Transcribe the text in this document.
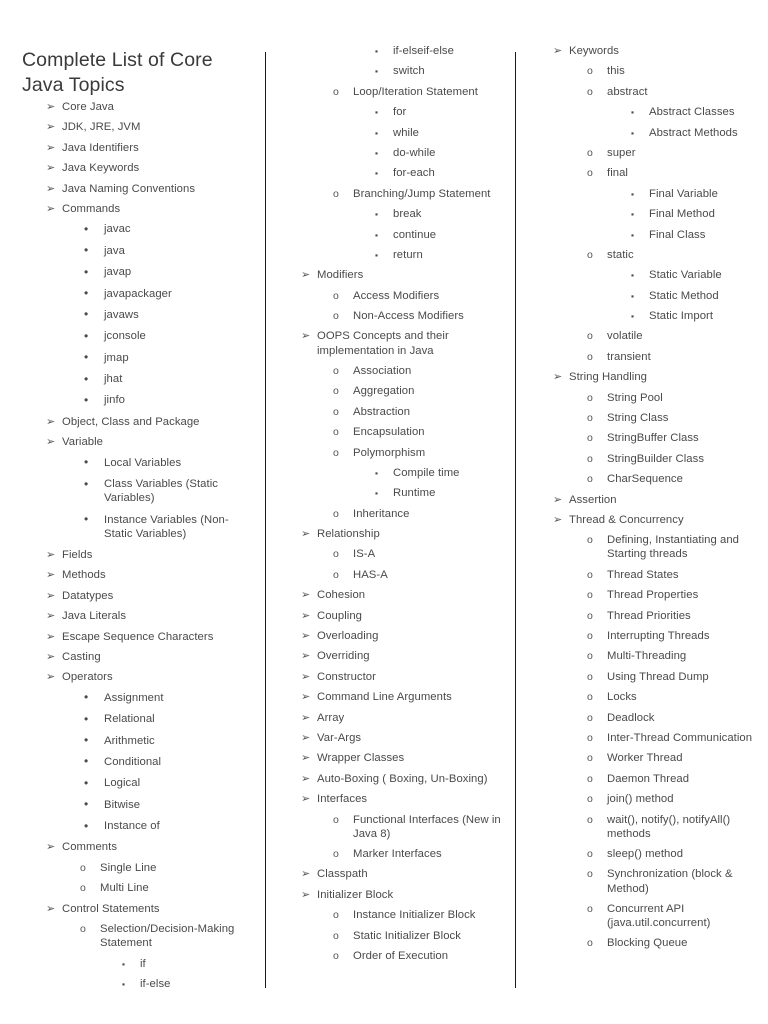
Complete List of Core Java Topics
➢ Core Java
➢ JDK, JRE, JVM
➢ Java Identifiers
➢ Java Keywords
➢ Java Naming Conventions
➢ Commands
• javac
• java
• javap
• javapackager
• javaws
• jconsole
• jmap
• jhat
• jinfo
➢ Object, Class and Package
➢ Variable
• Local Variables
• Class Variables (Static Variables)
• Instance Variables (Non-Static Variables)
➢ Fields
➢ Methods
➢ Datatypes
➢ Java Literals
➢ Escape Sequence Characters
➢ Casting
➢ Operators
• Assignment
• Relational
• Arithmetic
• Conditional
• Logical
• Bitwise
• Instance of
➢ Comments
o Single Line
o Multi Line
➢ Control Statements
o Selection/Decision-Making Statement
▪ if
▪ if-else
▪ if-elseif-else
▪ switch
o Loop/Iteration Statement
▪ for
▪ while
▪ do-while
▪ for-each
o Branching/Jump Statement
▪ break
▪ continue
▪ return
➢ Modifiers
o Access Modifiers
o Non-Access Modifiers
➢ OOPS Concepts and their implementation in Java
o Association
o Aggregation
o Abstraction
o Encapsulation
o Polymorphism
▪ Compile time
▪ Runtime
o Inheritance
➢ Relationship
o IS-A
o HAS-A
➢ Cohesion
➢ Coupling
➢ Overloading
➢ Overriding
➢ Constructor
➢ Command Line Arguments
➢ Array
➢ Var-Args
➢ Wrapper Classes
➢ Auto-Boxing ( Boxing, Un-Boxing)
➢ Interfaces
o Functional Interfaces (New in Java 8)
o Marker Interfaces
➢ Classpath
➢ Initializer Block
o Instance Initializer Block
o Static Initializer Block
o Order of Execution
➢ Keywords
o this
o abstract
▪ Abstract Classes
▪ Abstract Methods
o super
o final
▪ Final Variable
▪ Final Method
▪ Final Class
o static
▪ Static Variable
▪ Static Method
▪ Static Import
o volatile
o transient
➢ String Handling
o String Pool
o String Class
o StringBuffer Class
o StringBuilder Class
o CharSequence
➢ Assertion
➢ Thread & Concurrency
o Defining, Instantiating and Starting threads
o Thread States
o Thread Properties
o Thread Priorities
o Interrupting Threads
o Multi-Threading
o Using Thread Dump
o Locks
o Deadlock
o Inter-Thread Communication
o Worker Thread
o Daemon Thread
o join() method
o wait(), notify(), notifyAll() methods
o sleep() method
o Synchronization (block & Method)
o Concurrent API (java.util.concurrent)
o Blocking Queue
